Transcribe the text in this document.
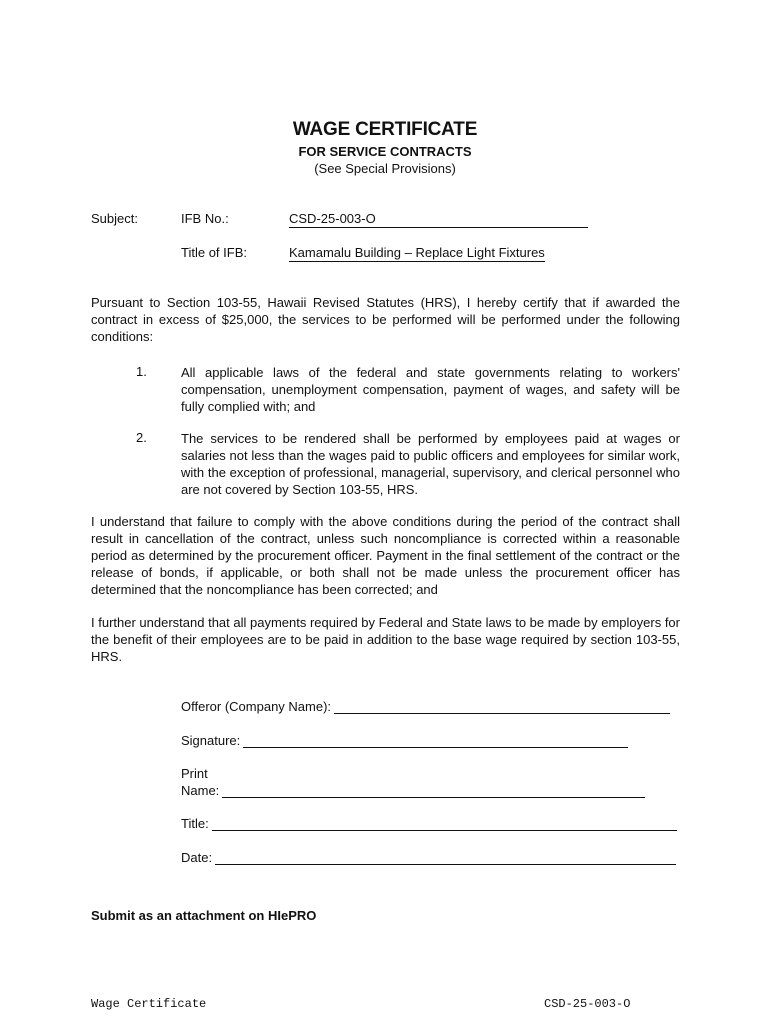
WAGE CERTIFICATE
FOR SERVICE CONTRACTS
(See Special Provisions)
Subject:	IFB No.:	CSD-25-003-O
Title of IFB:	Kamamalu Building – Replace Light Fixtures

Pursuant to Section 103-55, Hawaii Revised Statutes (HRS), I hereby certify that if awarded the contract in excess of $25,000, the services to be performed will be performed under the following conditions:

1.	All applicable laws of the federal and state governments relating to workers' compensation, unemployment compensation, payment of wages, and safety will be fully complied with; and

2.	The services to be rendered shall be performed by employees paid at wages or salaries not less than the wages paid to public officers and employees for similar work, with the exception of professional, managerial, supervisory, and clerical personnel who are not covered by Section 103-55, HRS.

I understand that failure to comply with the above conditions during the period of the contract shall result in cancellation of the contract, unless such noncompliance is corrected within a reasonable period as determined by the procurement officer. Payment in the final settlement of the contract or the release of bonds, if applicable, or both shall not be made unless the procurement officer has determined that the noncompliance has been corrected; and

I further understand that all payments required by Federal and State laws to be made by employers for the benefit of their employees are to be paid in addition to the base wage required by section 103-55, HRS.

Offeror (Company Name):
Signature:
Print
Name:
Title:
Date:
Submit as an attachment on HIePRO
Wage Certificate	CSD-25-003-O
